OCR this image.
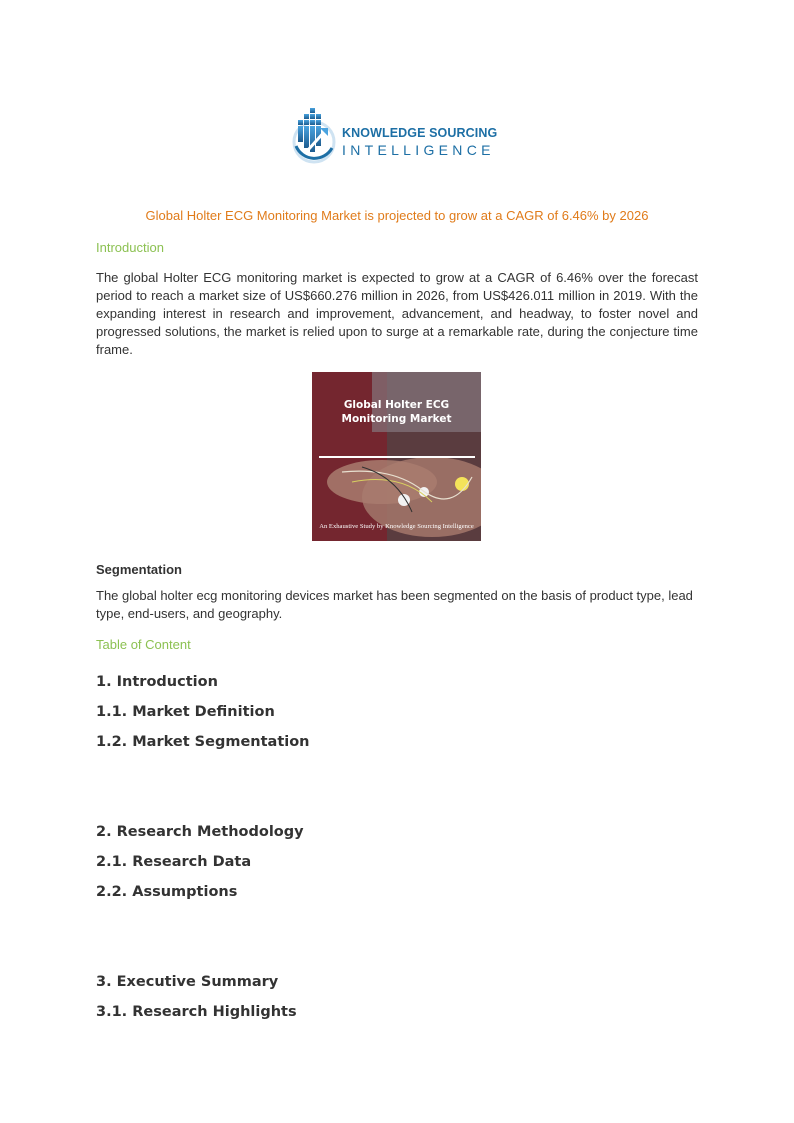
KNOWLEDGE SOURCING
INTELLIGENCE
Global Holter ECG Monitoring Market is projected to grow at a CAGR of 6.46% by 2026
Introduction
The global Holter ECG monitoring market is expected to grow at a CAGR of 6.46% over the forecast period to reach a market size of US$660.276 million in 2026, from US$426.011 million in 2019. With the expanding interest in research and improvement, advancement, and headway, to foster novel and progressed solutions, the market is relied upon to surge at a remarkable rate, during the conjecture time frame.
Global Holter ECG Monitoring Market
An Exhaustive Study by Knowledge Sourcing Intelligence
Segmentation
The global holter ecg monitoring devices market has been segmented on the basis of product type, lead type, end-users, and geography.
Table of Content
1. Introduction
1.1. Market Definition
1.2. Market Segmentation
2. Research Methodology
2.1. Research Data
2.2. Assumptions
3. Executive Summary
3.1. Research Highlights
